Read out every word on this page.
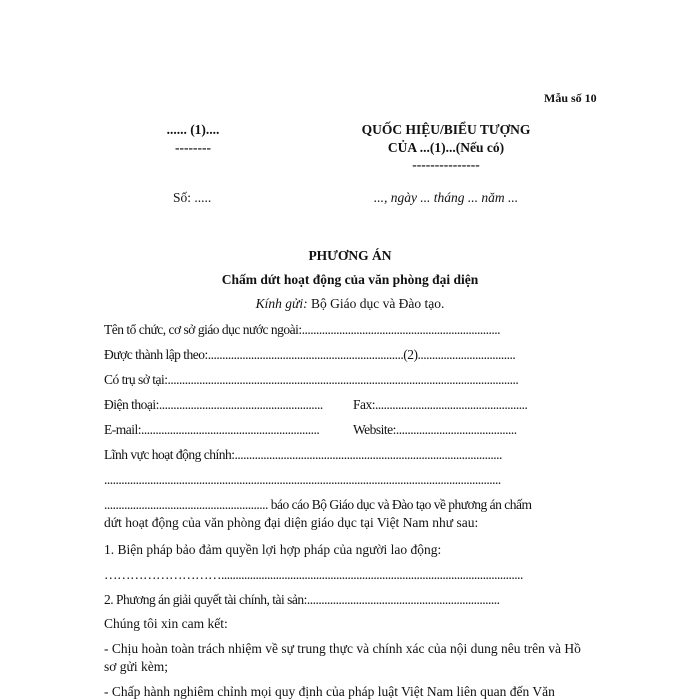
Mẫu số 10
...... (1)....
--------
QUỐC HIỆU/BIỂU TƯỢNG
CỦA ...(1)...(Nếu có)
---------------
Số: .....	..., ngày ... tháng ... năm ...
PHƯƠNG ÁN
Chấm dứt hoạt động của văn phòng đại diện
Kính gửi: Bộ Giáo dục và Đào tạo.
Tên tổ chức, cơ sở giáo dục nước ngoài:.....................................................................
Được thành lập theo:....................................................................(2)..................................
Có trụ sở tại:..........................................................................................................................
Điện thoại:......................................................... Fax:.....................................................
E-mail:..............................................................	Website:..........................................
Lĩnh vực hoạt động chính:.............................................................................................
..........................................................................................................................................
......................................................... báo cáo Bộ Giáo dục và Đào tạo về phương án chấm
dứt hoạt động của văn phòng đại diện giáo dục tại Việt Nam như sau:
1. Biện pháp bảo đảm quyền lợi hợp pháp của người lao động:
……………………….........................................................................................................
2. Phương án giải quyết tài chính, tài sản:...................................................................
Chúng tôi xin cam kết:
- Chịu hoàn toàn trách nhiệm về sự trung thực và chính xác của nội dung nêu trên và Hồ
sơ gửi kèm;
- Chấp hành nghiêm chỉnh mọi quy định của pháp luật Việt Nam liên quan đến Văn
